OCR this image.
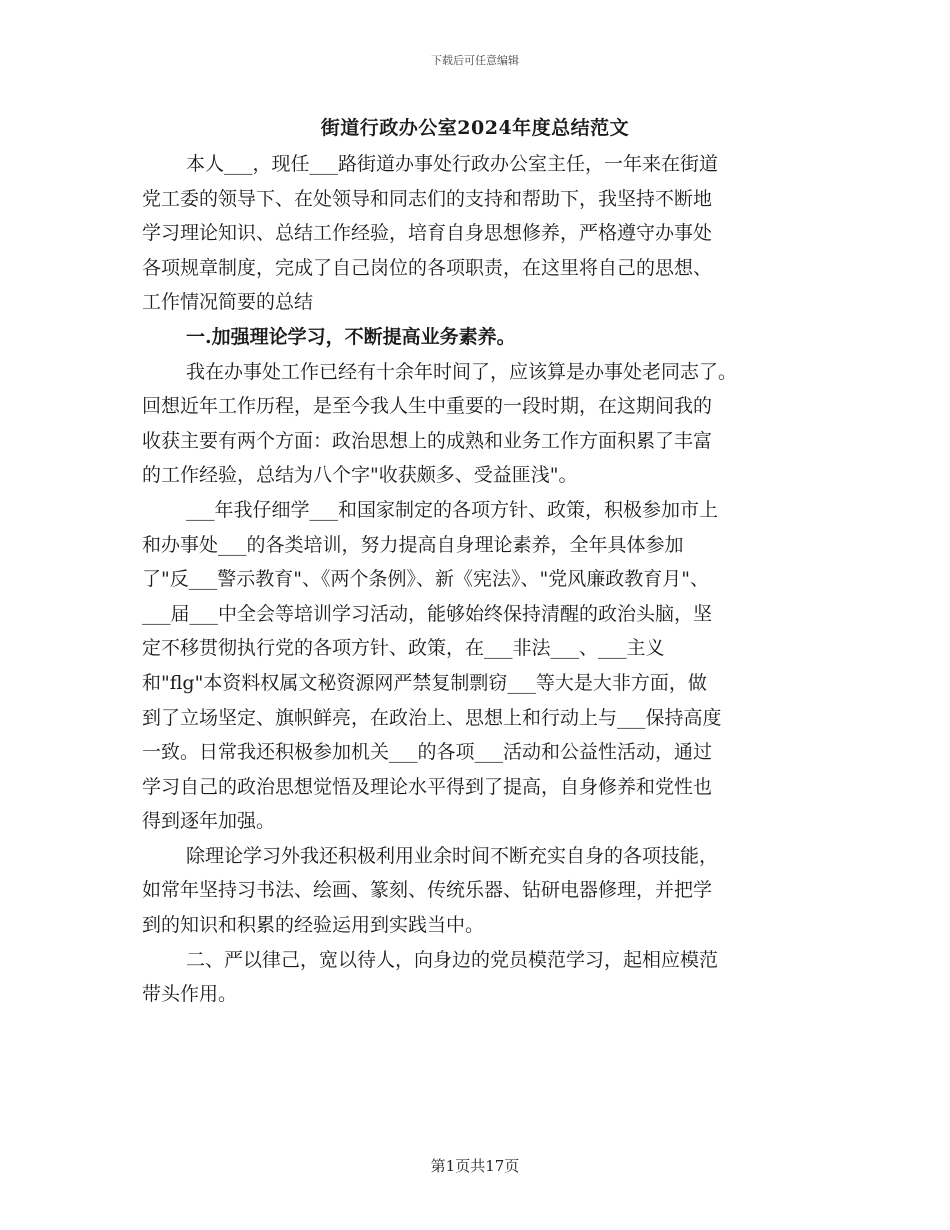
下载后可任意编辑
街道行政办公室2024年度总结范文
本人___，现任___路街道办事处行政办公室主任，一年来在街道
党工委的领导下、在处领导和同志们的支持和帮助下，我坚持不断地
学习理论知识、总结工作经验，培育自身思想修养，严格遵守办事处
各项规章制度，完成了自己岗位的各项职责，在这里将自己的思想、
工作情况简要的总结
一.加强理论学习，不断提高业务素养。
我在办事处工作已经有十余年时间了，应该算是办事处老同志了。
回想近年工作历程，是至今我人生中重要的一段时期，在这期间我的
收获主要有两个方面：政治思想上的成熟和业务工作方面积累了丰富
的工作经验，总结为八个字"收获颇多、受益匪浅"。
___年我仔细学___和国家制定的各项方针、政策，积极参加市上
和办事处___的各类培训，努力提高自身理论素养，全年具体参加
了"反___警示教育"、《两个条例》、新《宪法》、"党风廉政教育月"、
___届___中全会等培训学习活动，能够始终保持清醒的政治头脑，坚
定不移贯彻执行党的各项方针、政策，在___非法___、___主义
和"flg"本资料权属文秘资源网严禁复制剽窃___等大是大非方面，做
到了立场坚定、旗帜鲜亮，在政治上、思想上和行动上与___保持高度
一致。日常我还积极参加机关___的各项___活动和公益性活动，通过
学习自己的政治思想觉悟及理论水平得到了提高，自身修养和党性也
得到逐年加强。
除理论学习外我还积极利用业余时间不断充实自身的各项技能，
如常年坚持习书法、绘画、篆刻、传统乐器、钻研电器修理，并把学
到的知识和积累的经验运用到实践当中。
二、严以律己，宽以待人，向身边的党员模范学习，起相应模范
带头作用。
第1页共17页
